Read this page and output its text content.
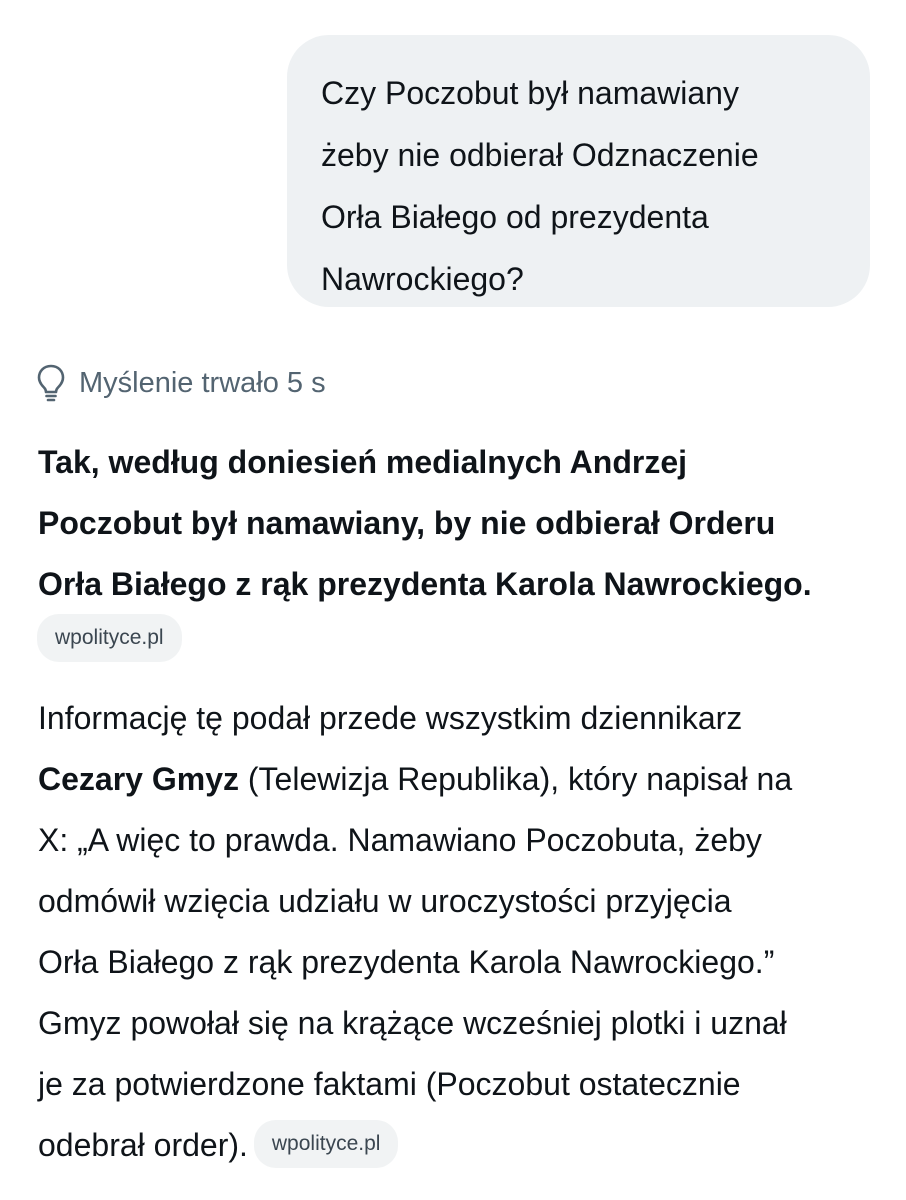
Czy Poczobut był namawiany
żeby nie odbierał Odznaczenie
Orła Białego od prezydenta
Nawrockiego?
Myślenie trwało 5 s
Tak, według doniesień medialnych Andrzej
Poczobut był namawiany, by nie odbierał Orderu
Orła Białego z rąk prezydenta Karola Nawrockiego.
wpolityce.pl
Informację tę podał przede wszystkim dziennikarz
Cezary Gmyz (Telewizja Republika), który napisał na
X: „A więc to prawda. Namawiano Poczobuta, żeby
odmówił wzięcia udziału w uroczystości przyjęcia
Orła Białego z rąk prezydenta Karola Nawrockiego.”
Gmyz powołał się na krążące wcześniej plotki i uznał
je za potwierdzone faktami (Poczobut ostatecznie
odebrał order). wpolityce.pl
